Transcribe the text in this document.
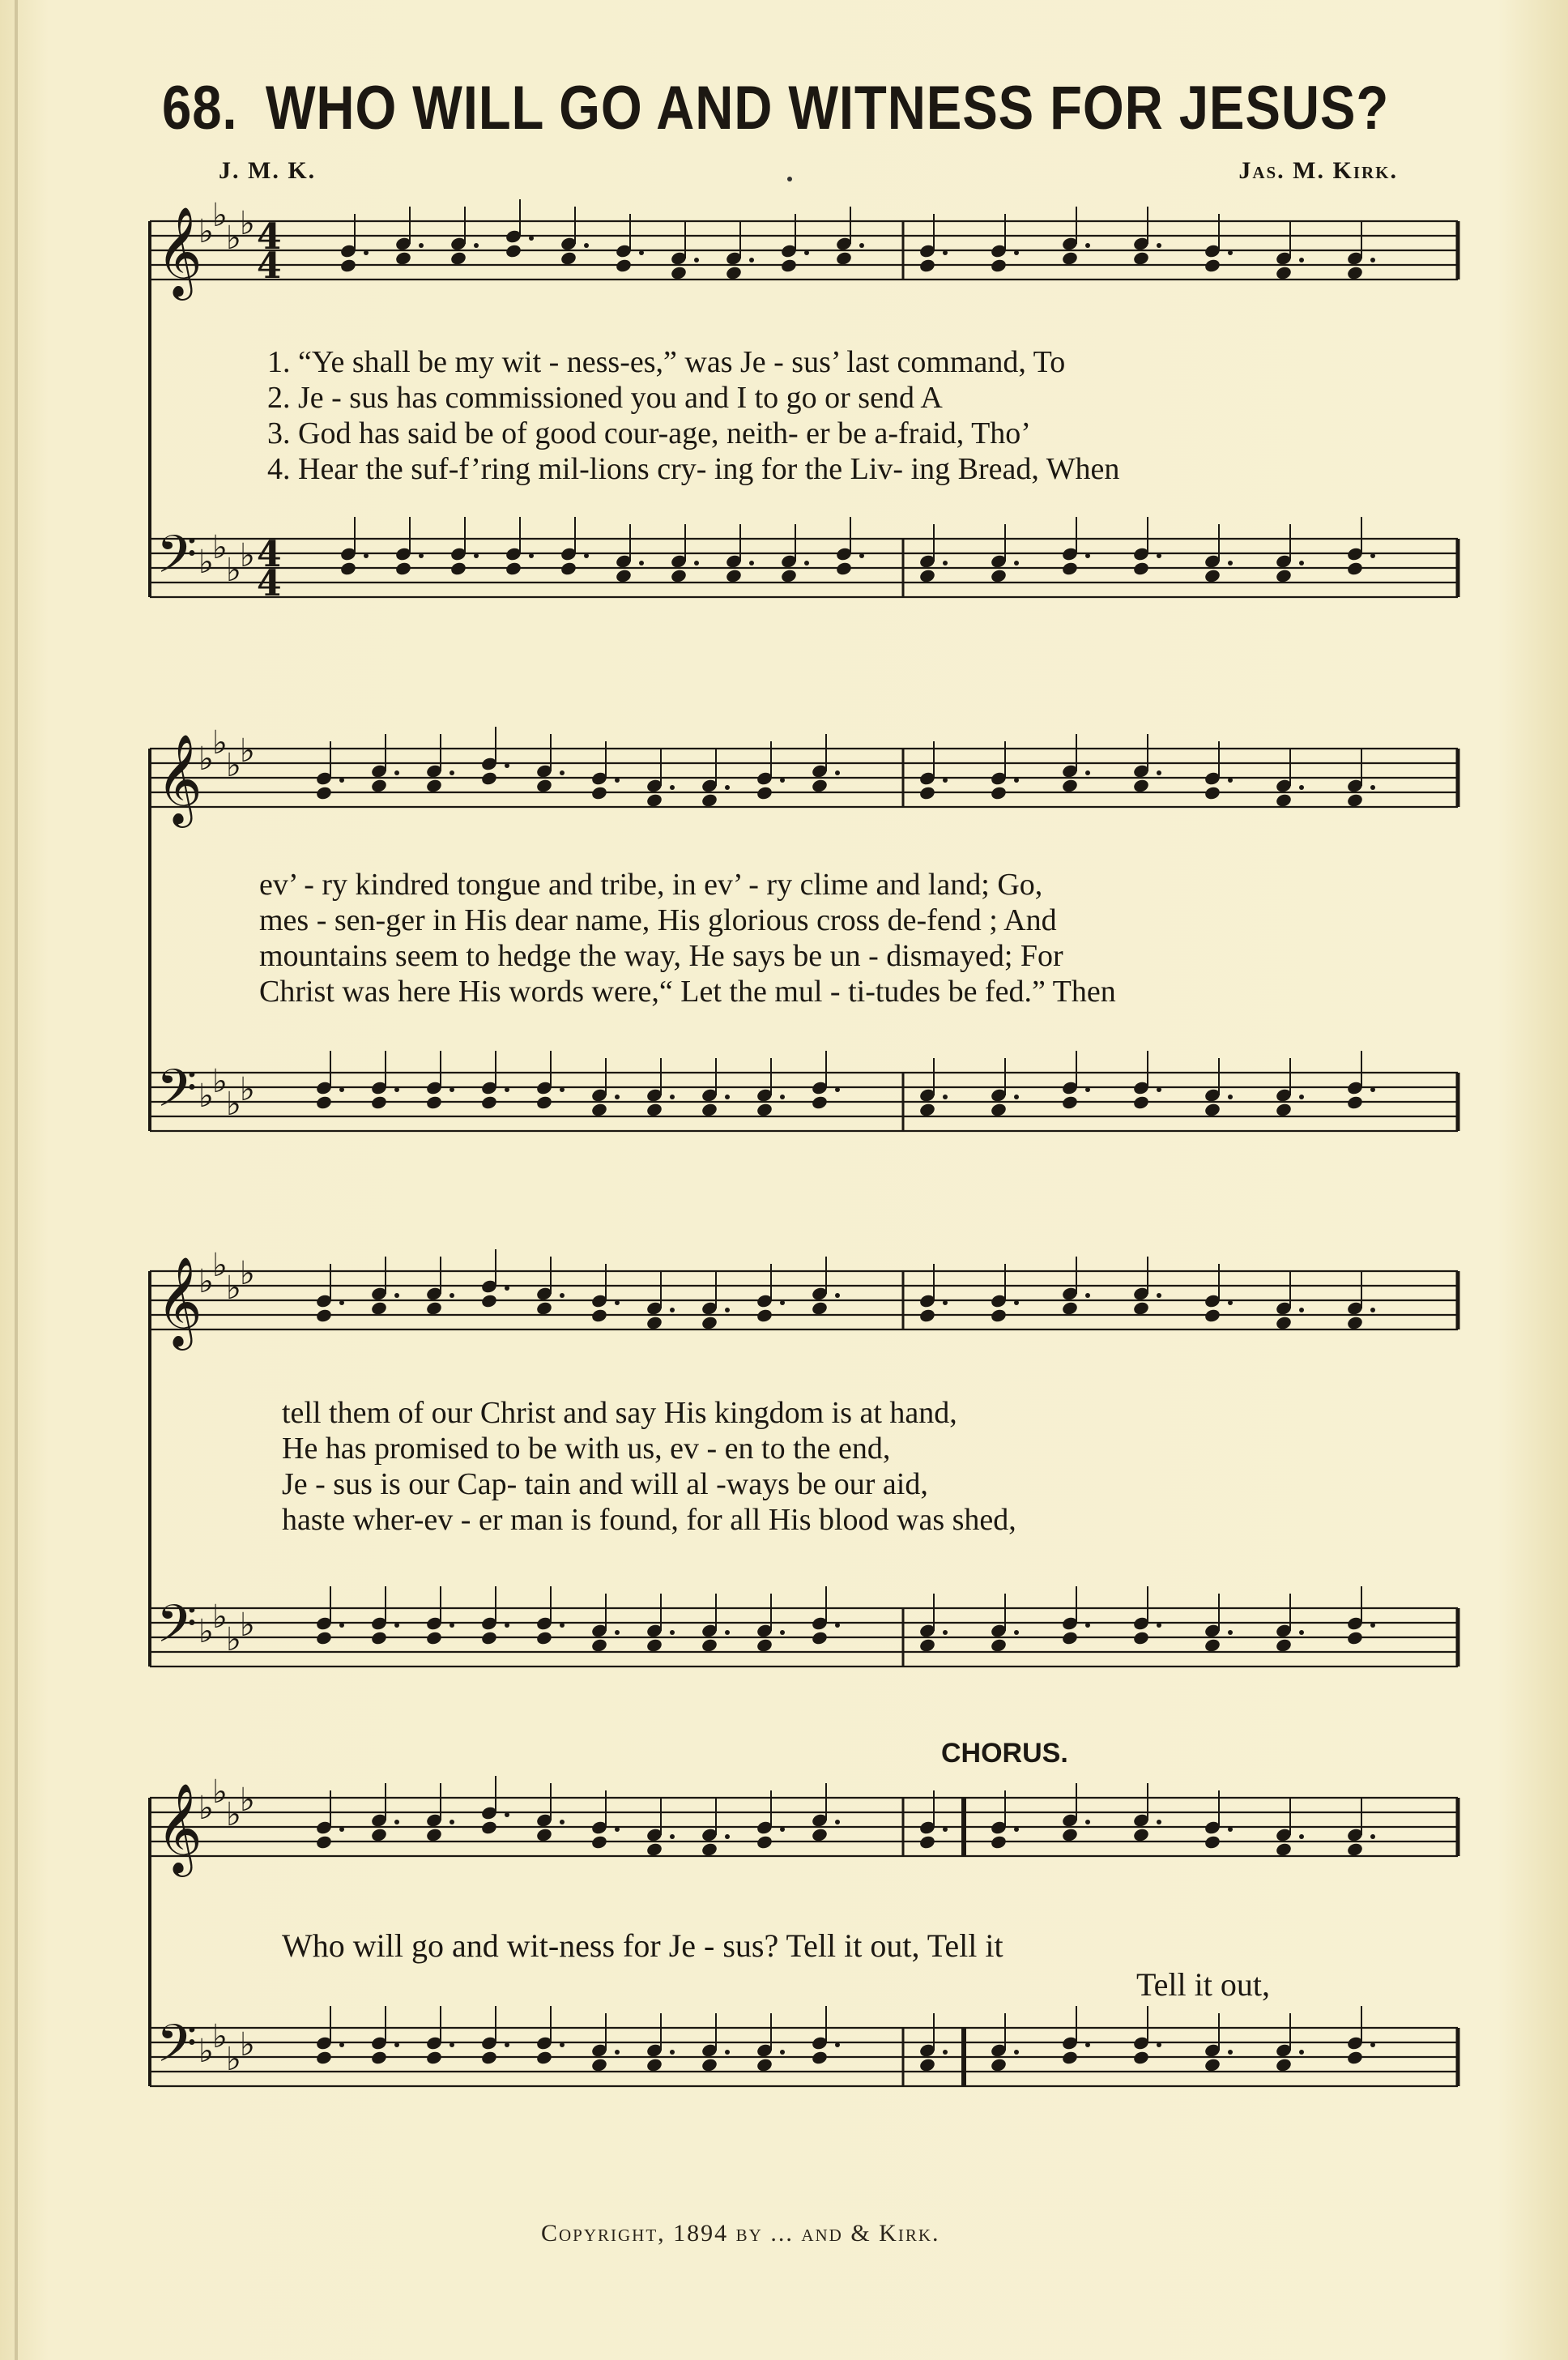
68. WHO WILL GO AND WITNESS FOR JESUS?
J. M. K.	Jas. M. Kirk.
𝄞
𝄢
♭
♭
♭
♭
♭
♭
♭
♭
4
4
4
4
1. “Ye shall be my wit - ness-es,” was Je - sus’ last command, To
2. Je - sus has commissioned you and I to go or send A
3. God has said be of good cour-age, neith- er be a-fraid, Tho’
4. Hear the suf-f’ring mil-lions cry- ing for the Liv- ing Bread, When
𝄞
𝄢
♭
♭
♭
♭
♭
♭
♭
♭
ev’ - ry kindred tongue and tribe, in ev’ - ry clime and land; Go,
mes - sen-ger in His dear name, His glorious cross de-fend ; And
mountains seem to hedge the way, He says be un - dismayed; For
Christ was here His words were,“ Let the mul - ti-tudes be fed.” Then
𝄞
𝄢
♭
♭
♭
♭
♭
♭
♭
♭
tell them of our Christ and say His kingdom is at hand,
He has promised to be with us, ev - en to the end,
Je - sus is our Cap- tain and will al -ways be our aid,
haste wher-ev - er man is found, for all His blood was shed,
CHORUS.
𝄞
𝄢
♭
♭
♭
♭
♭
♭
♭
♭
Who will go and wit-ness for Je - sus? Tell it out, Tell it
Tell it out,
Copyright, 1894 by ... and & Kirk.
